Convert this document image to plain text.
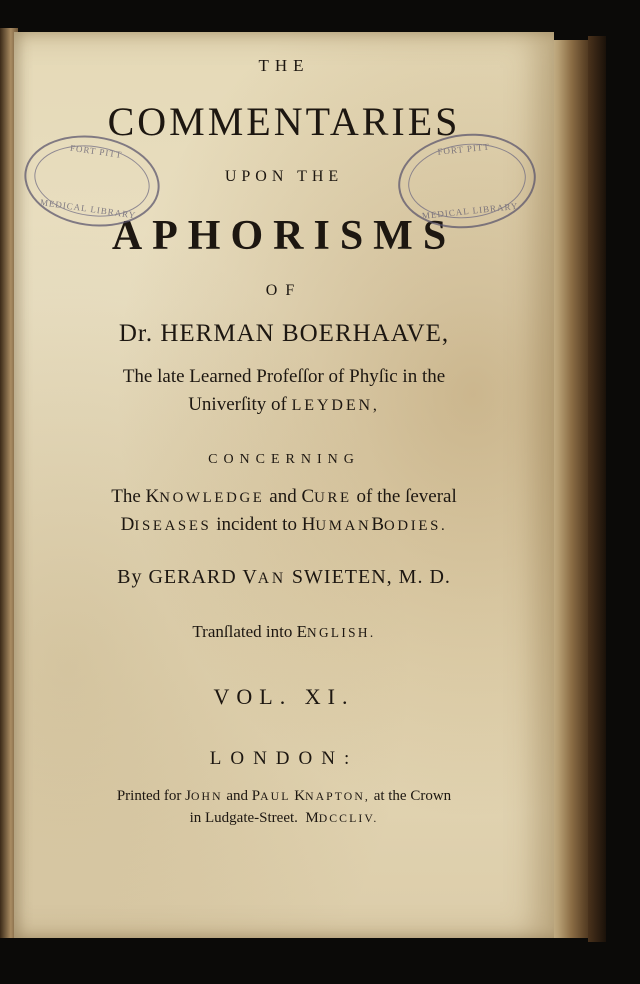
THE
COMMENTARIES
UPON THE
APHORISMS
OF
Dr. HERMAN BOERHAAVE,
The late Learned Profeſſor of Phyſic in the
Univerſity of LEYDEN,
CONCERNING
The KNOWLEDGE and CURE of the ſeveral
DISEASES incident to HUMANBODIES.
By GERARD VAN SWIETEN, M. D.
Tranſlated into ENGLISH.
VOL. XI.
LONDON:
Printed for JOHN and PAUL KNAPTON, at the Crown
in Ludgate-Street. MDCCLIV.
FORT PITT
MEDICAL LIBRARY
FORT PITT
MEDICAL LIBRARY
